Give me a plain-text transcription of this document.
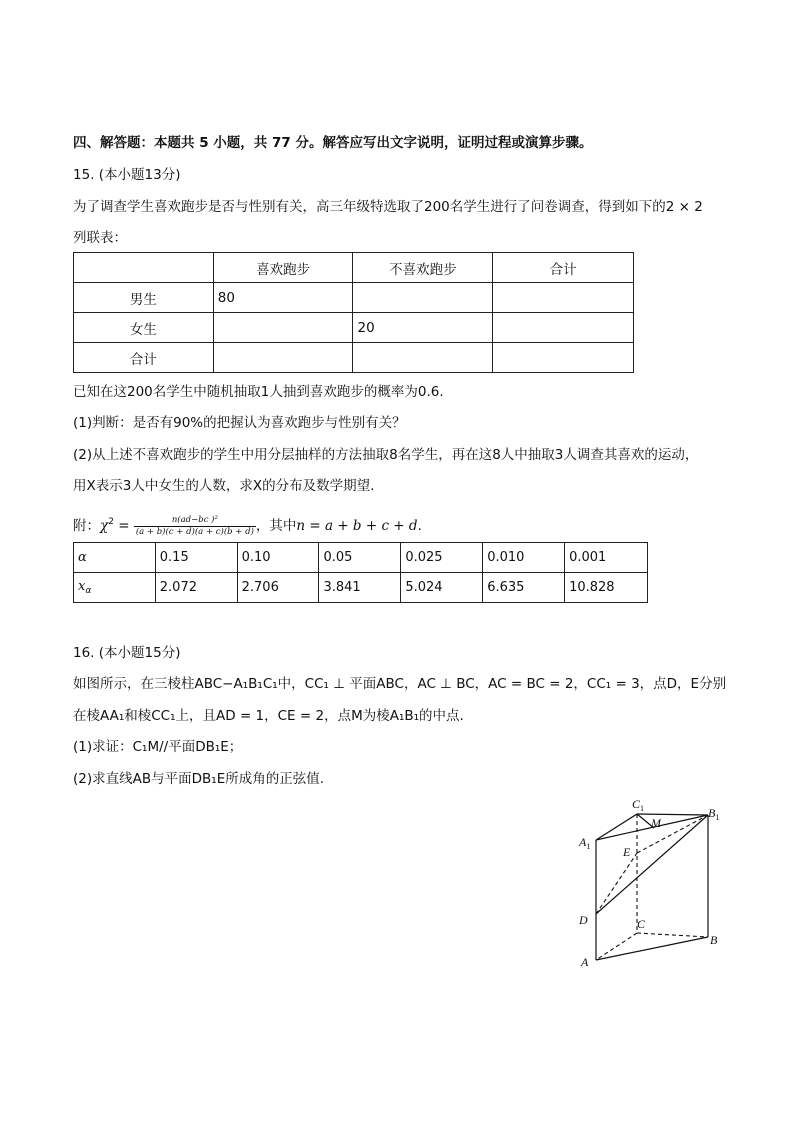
四、解答题：本题共 5 小题，共 77 分。解答应写出文字说明，证明过程或演算步骤。
15. (本小题13分)
为了调查学生喜欢跑步是否与性别有关，高三年级特选取了200名学生进行了问卷调查，得到如下的2 × 2
列联表：
	喜欢跑步	不喜欢跑步	合计
男生	80		
女生		20	
合计			
已知在这200名学生中随机抽取1人抽到喜欢跑步的概率为0.6.
(1)判断：是否有90%的把握认为喜欢跑步与性别有关？
(2)从上述不喜欢跑步的学生中用分层抽样的方法抽取8名学生，再在这8人中抽取3人调查其喜欢的运动，
用X表示3人中女生的人数，求X的分布及数学期望.
附：$\chi^2 = \frac{\text{n(ad−bc )²}}{(a + b)(c + d)(a + c)(b + d)}$ ，其中n = a + b + c + d.
α	0.15	0.10	0.05	0.025	0.010	0.001
$x_\alpha$	2.072	2.706	3.841	5.024	6.635	10.828
16. (本小题15分)
如图所示，在三棱柱ABC−A₁B₁C₁中，CC₁ ⊥ 平面ABC，AC ⊥ BC，AC = BC = 2，CC₁ = 3，点D，E分别
在棱AA₁和棱CC₁上，且AD = 1，CE = 2，点M为棱A₁B₁的中点.
(1)求证：C₁M//平面DB₁E；
(2)求直线AB与平面DB₁E所成角的正弦值.
$C_1$	$B_1$
$A_1$
M
E
D	C
B
A
